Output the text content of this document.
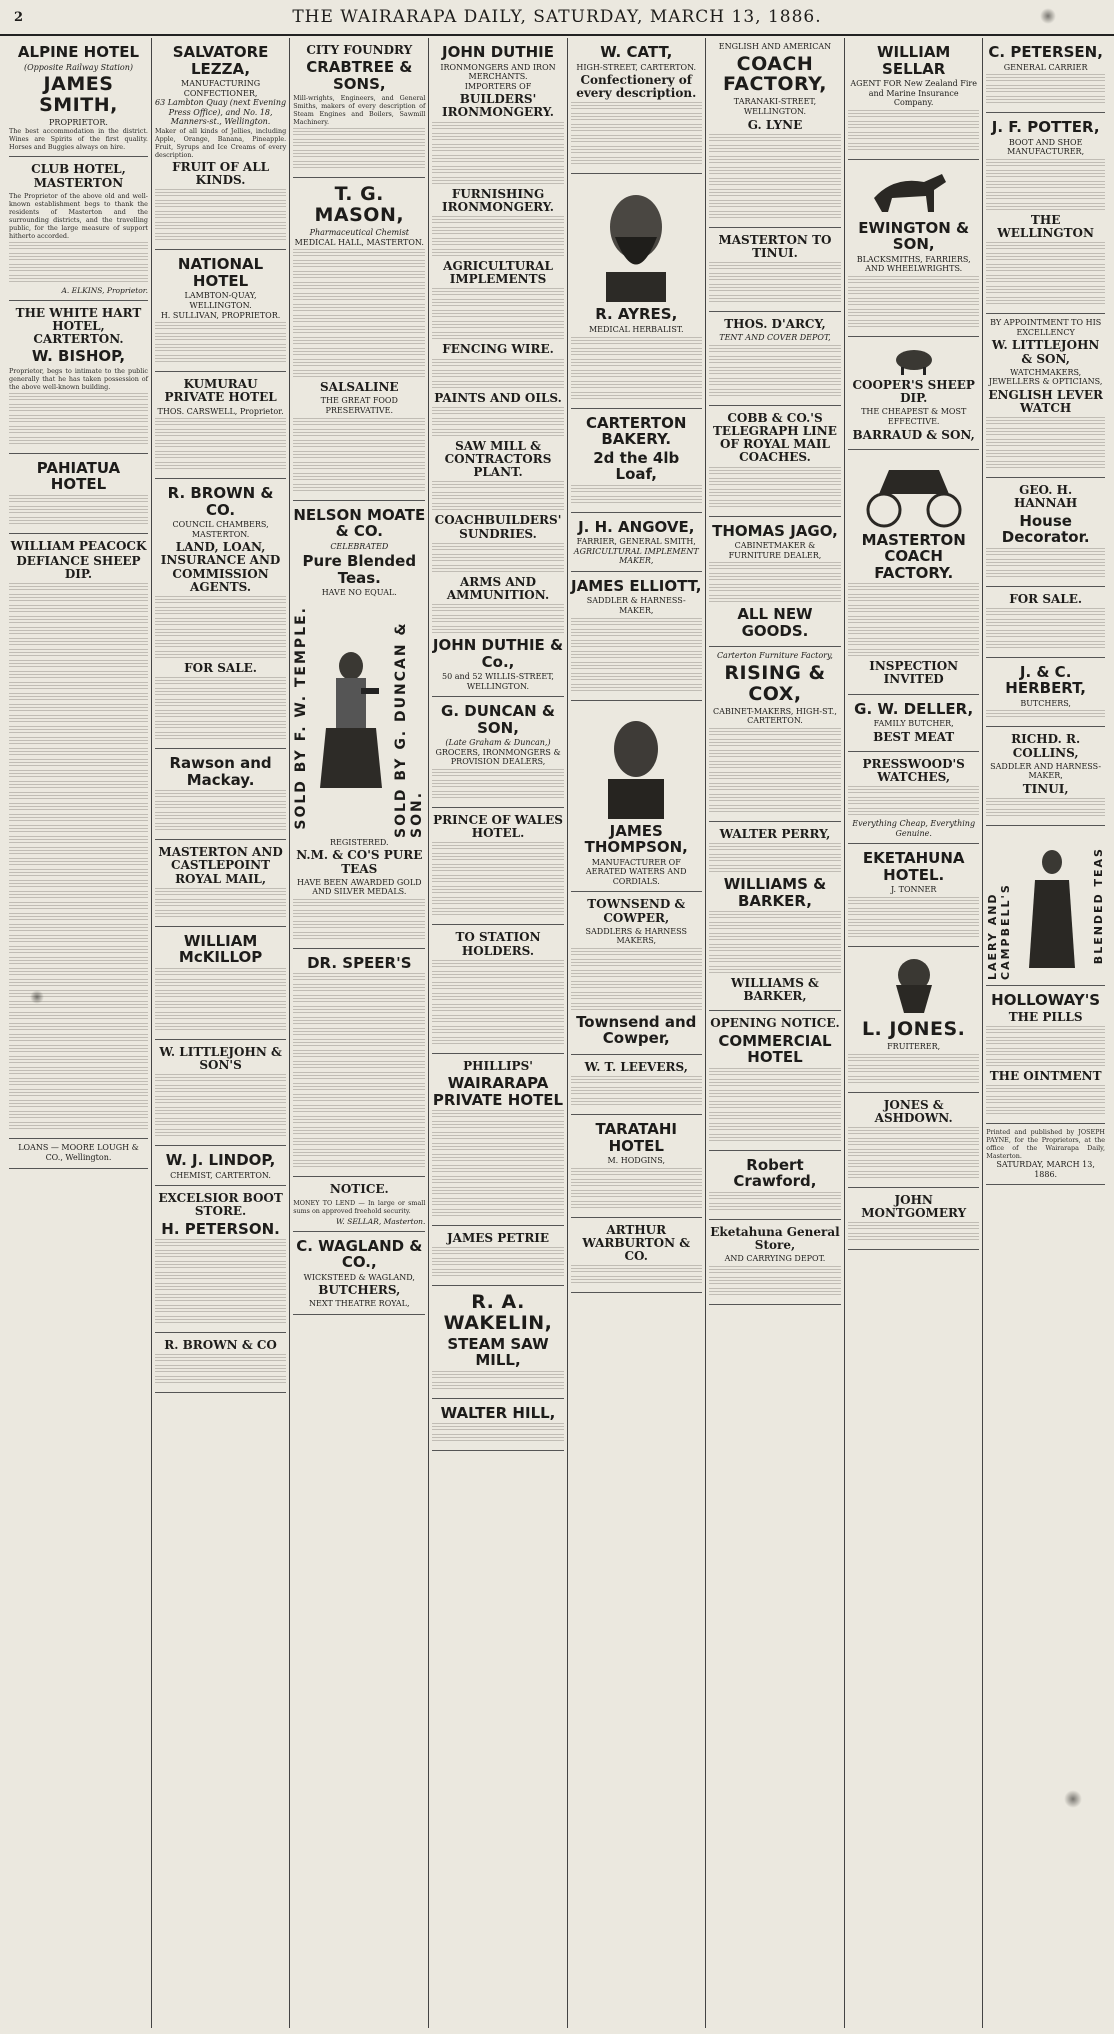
2	THE WAIRARAPA DAILY, SATURDAY, MARCH 13, 1886.
ALPINE HOTEL
(Opposite Railway Station)
JAMES SMITH,
PROPRIETOR.
The best accommodation in the district. Wines are Spirits of the first quality. Horses and Buggies always on hire.
CLUB HOTEL, MASTERTON
The Proprietor of the above old and well-known establishment begs to thank the residents of Masterton and the surrounding districts, and the travelling public, for the large measure of support hitherto accorded.
A. ELKINS, Proprietor.
THE WHITE HART HOTEL, CARTERTON.
W. BISHOP,
Proprietor, begs to intimate to the public generally that he has taken possession of the above well-known building.
PAHIATUA HOTEL
WILLIAM PEACOCK
DEFIANCE SHEEP DIP.
LOANS — MOORE LOUGH & CO., Wellington.
SALVATORE LEZZA,
MANUFACTURING CONFECTIONER,
63 Lambton Quay (next Evening Press Office), and No. 18, Manners-st., Wellington.
Maker of all kinds of Jellies, including Apple, Orange, Banana, Pineapple. Fruit, Syrups and Ice Creams of every description.
FRUIT OF ALL KINDS.
NATIONAL HOTEL
LAMBTON-QUAY, WELLINGTON.
H. SULLIVAN, PROPRIETOR.
KUMURAU PRIVATE HOTEL
THOS. CARSWELL, Proprietor.
R. BROWN & CO.
COUNCIL CHAMBERS, MASTERTON.
LAND, LOAN, INSURANCE AND COMMISSION AGENTS.
FOR SALE.
Rawson and Mackay.
MASTERTON AND CASTLEPOINT ROYAL MAIL,
WILLIAM McKILLOP
W. LITTLEJOHN & SON'S
W. J. LINDOP,
CHEMIST, CARTERTON.
EXCELSIOR BOOT STORE.
H. PETERSON.
R. BROWN & CO
CITY FOUNDRY
CRABTREE & SONS,
Mill-wrights, Engineers, and General Smiths, makers of every description of Steam Engines and Boilers, Sawmill Machinery.
T. G. MASON,
Pharmaceutical Chemist
MEDICAL HALL, MASTERTON.
SALSALINE
THE GREAT FOOD PRESERVATIVE.
NELSON MOATE & CO.
CELEBRATED
Pure Blended Teas.
HAVE NO EQUAL.
SOLD BY F. W. TEMPLE.	SOLD BY G. DUNCAN & SON.
REGISTERED.
N.M. & CO'S PURE TEAS
HAVE BEEN AWARDED GOLD AND SILVER MEDALS.
DR. SPEER'S
NOTICE.
MONEY TO LEND — In large or small sums on approved freehold security.
W. SELLAR, Masterton.
C. WAGLAND & CO.,
WICKSTEED & WAGLAND,
BUTCHERS,
NEXT THEATRE ROYAL,
JOHN DUTHIE
IRONMONGERS AND IRON MERCHANTS.
IMPORTERS OF
BUILDERS' IRONMONGERY.
FURNISHING IRONMONGERY.
AGRICULTURAL IMPLEMENTS
FENCING WIRE.
PAINTS AND OILS.
SAW MILL & CONTRACTORS PLANT.
COACHBUILDERS' SUNDRIES.
ARMS AND AMMUNITION.
JOHN DUTHIE & Co.,
50 and 52 WILLIS-STREET, WELLINGTON.
G. DUNCAN & SON,
(Late Graham & Duncan,)
GROCERS, IRONMONGERS & PROVISION DEALERS,
PRINCE OF WALES HOTEL.
TO STATION HOLDERS.
PHILLIPS'
WAIRARAPA PRIVATE HOTEL
JAMES PETRIE
R. A. WAKELIN,
STEAM SAW MILL,
WALTER HILL,
W. CATT,
HIGH-STREET, CARTERTON.
Confectionery of every description.
R. AYRES,
MEDICAL HERBALIST.
CARTERTON BAKERY.
2d the 4lb Loaf,
J. H. ANGOVE,
FARRIER, GENERAL SMITH,
AGRICULTURAL IMPLEMENT MAKER,
JAMES ELLIOTT,
SADDLER & HARNESS-MAKER,
JAMES THOMPSON,
MANUFACTURER OF AERATED WATERS AND CORDIALS.
TOWNSEND & COWPER,
SADDLERS & HARNESS MAKERS,
Townsend and Cowper,
W. T. LEEVERS,
TARATAHI HOTEL
M. HODGINS,
ARTHUR WARBURTON & CO.
ENGLISH AND AMERICAN
COACH FACTORY,
TARANAKI-STREET, WELLINGTON.
G. LYNE
MASTERTON TO TINUI.
THOS. D'ARCY,
TENT AND COVER DEPOT,
COBB & CO.'S TELEGRAPH LINE OF ROYAL MAIL COACHES.
THOMAS JAGO,
CABINETMAKER & FURNITURE DEALER,
ALL NEW GOODS.
Carterton Furniture Factory,
RISING & COX,
CABINET-MAKERS, HIGH-ST., CARTERTON.
WALTER PERRY,
WILLIAMS & BARKER,
WILLIAMS & BARKER,
OPENING NOTICE.
COMMERCIAL HOTEL
Robert Crawford,
Eketahuna General Store,
AND CARRYING DEPOT.
WILLIAM SELLAR
AGENT FOR New Zealand Fire and Marine Insurance Company.
EWINGTON & SON,
BLACKSMITHS, FARRIERS, AND WHEELWRIGHTS.
COOPER'S SHEEP DIP.
THE CHEAPEST & MOST EFFECTIVE.
BARRAUD & SON,
MASTERTON COACH FACTORY.
INSPECTION INVITED
G. W. DELLER,
FAMILY BUTCHER,
BEST MEAT
PRESSWOOD'S WATCHES,
Everything Cheap, Everything Genuine.
EKETAHUNA HOTEL.
J. TONNER
L. JONES.
FRUITERER,
JONES & ASHDOWN.
JOHN MONTGOMERY
C. PETERSEN,
GENERAL CARRIER
J. F. POTTER,
BOOT AND SHOE MANUFACTURER,
THE WELLINGTON
BY APPOINTMENT TO HIS EXCELLENCY
W. LITTLEJOHN & SON,
WATCHMAKERS, JEWELLERS & OPTICIANS,
ENGLISH LEVER WATCH
GEO. H. HANNAH
House Decorator.
FOR SALE.
J. & C. HERBERT,
BUTCHERS,
RICHD. R. COLLINS,
SADDLER AND HARNESS-MAKER,
TINUI,
LAERY AND CAMPBELL'S	BLENDED TEAS
HOLLOWAY'S
THE PILLS
THE OINTMENT
Printed and published by JOSEPH PAYNE, for the Proprietors, at the office of the Wairarapa Daily, Masterton.
SATURDAY, MARCH 13, 1886.
